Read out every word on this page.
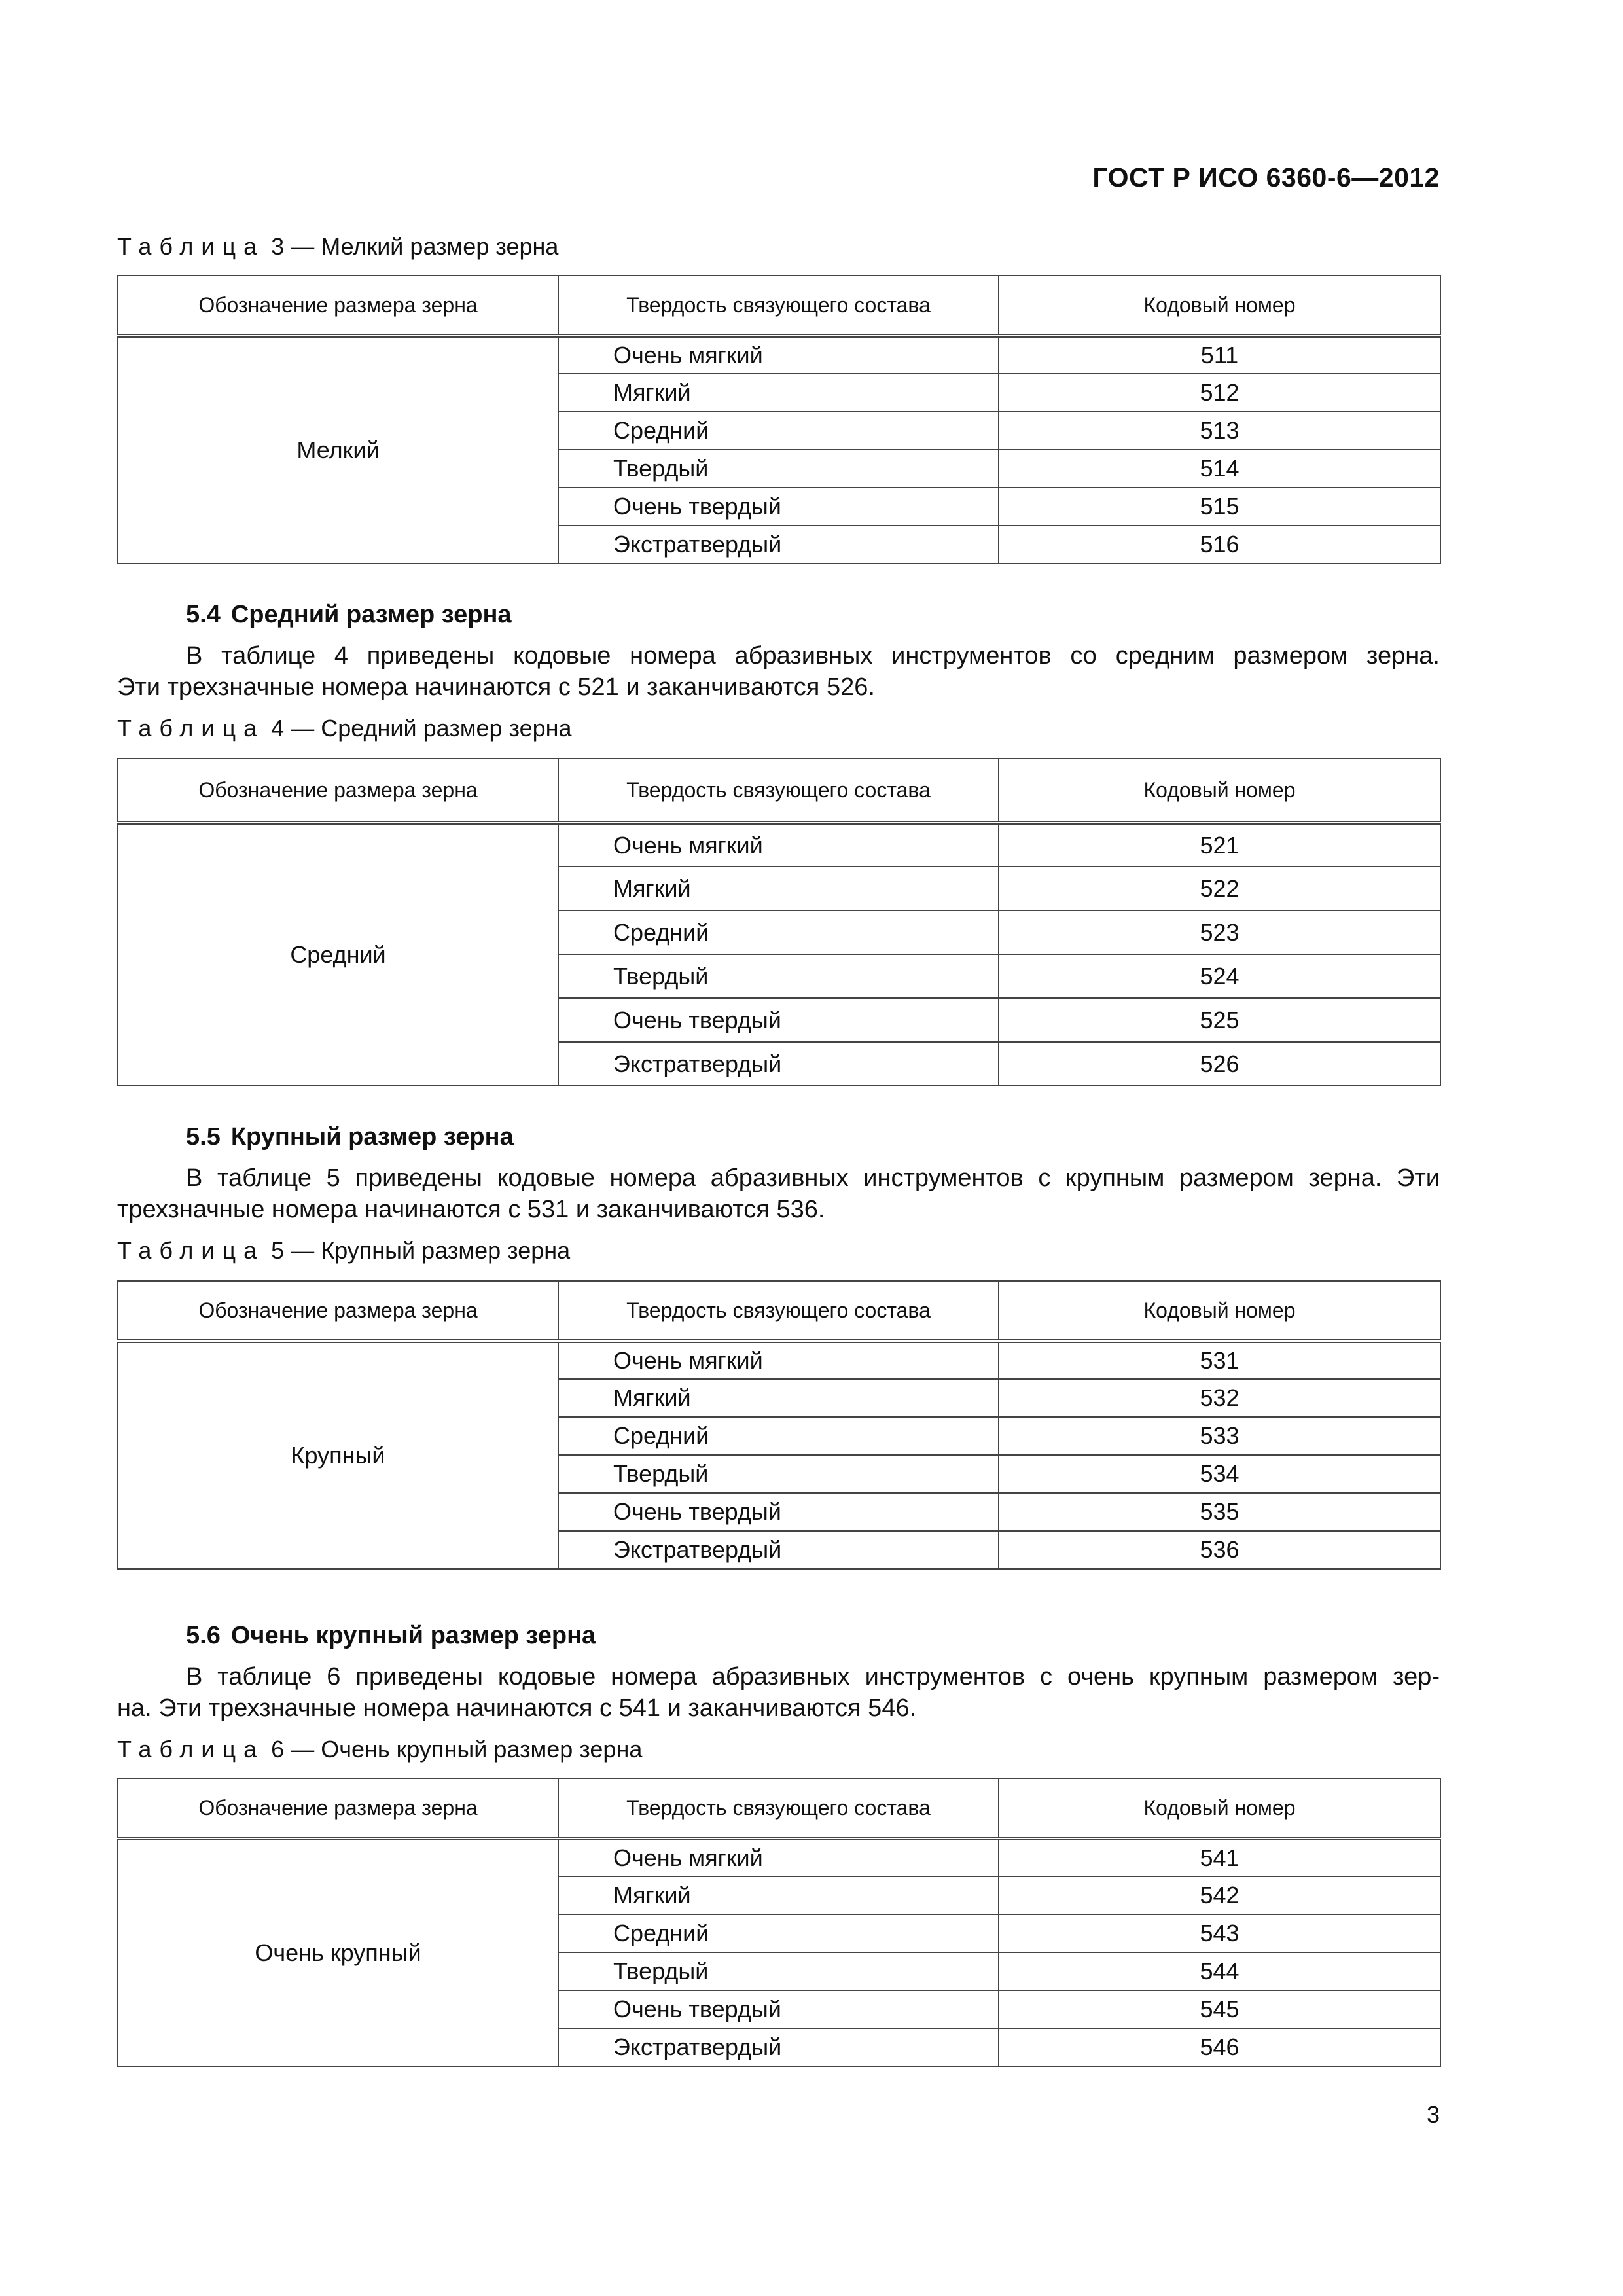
ГОСТ Р ИСО 6360-6—2012
Таблица 3 — Мелкий размер зерна
Обозначение размера зерна	Твердость связующего состава	Кодовый номер
Мелкий	Очень мягкий	511
	Мягкий	512
	Средний	513
	Твердый	514
	Очень твердый	515
	Экстратвердый	516
5.4 Средний размер зерна
В таблице 4 приведены кодовые номера абразивных инструментов со средним размером зерна.
Эти трехзначные номера начинаются с 521 и заканчиваются 526.
Таблица 4 — Средний размер зерна
Обозначение размера зерна	Твердость связующего состава	Кодовый номер
Средний	Очень мягкий	521
	Мягкий	522
	Средний	523
	Твердый	524
	Очень твердый	525
	Экстратвердый	526
5.5 Крупный размер зерна
В таблице 5 приведены кодовые номера абразивных инструментов с крупным размером зерна. Эти
трехзначные номера начинаются с 531 и заканчиваются 536.
Таблица 5 — Крупный размер зерна
Обозначение размера зерна	Твердость связующего состава	Кодовый номер
Крупный	Очень мягкий	531
	Мягкий	532
	Средний	533
	Твердый	534
	Очень твердый	535
	Экстратвердый	536
5.6 Очень крупный размер зерна
В таблице 6 приведены кодовые номера абразивных инструментов с очень крупным размером зер-
на. Эти трехзначные номера начинаются с 541 и заканчиваются 546.
Таблица 6 — Очень крупный размер зерна
Обозначение размера зерна	Твердость связующего состава	Кодовый номер
Очень крупный	Очень мягкий	541
	Мягкий	542
	Средний	543
	Твердый	544
	Очень твердый	545
	Экстратвердый	546
3
